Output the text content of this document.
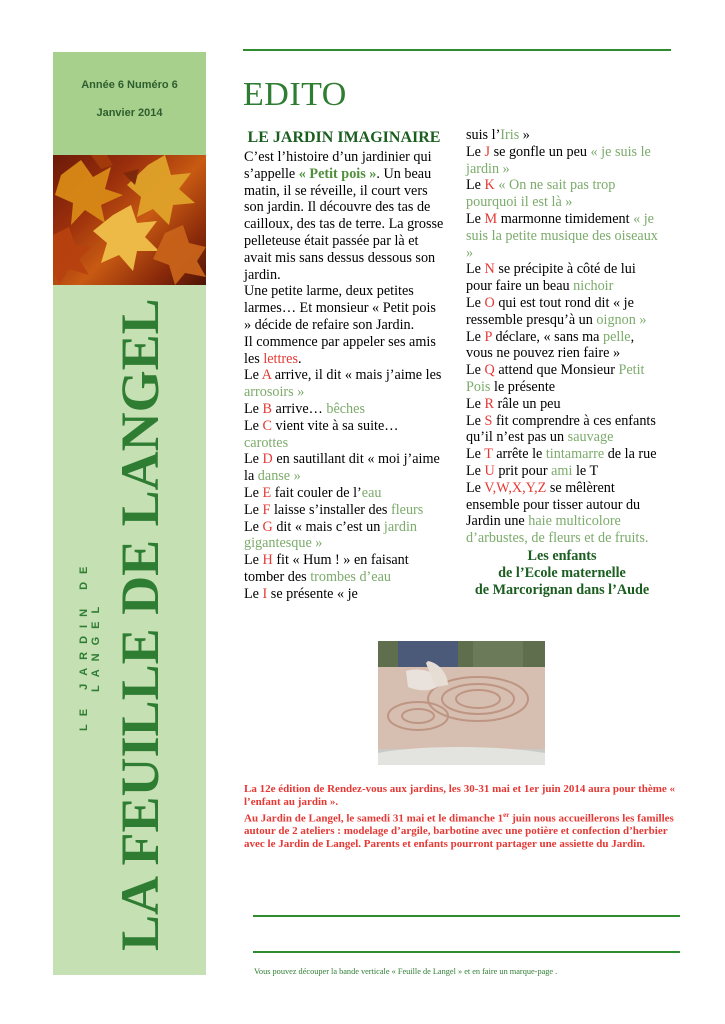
Année 6 Numéro 6
Janvier 2014
LE JARDIN DE LANGEL LA FEUILLE DE LANGEL
EDITO
LE JARDIN IMAGINAIRE

C’est l’histoire d’un jardinier qui s’appelle « Petit pois ». Un beau matin, il se réveille, il court vers son jardin. Il découvre des tas de cailloux, des tas de terre. La grosse pelleteuse était passée par là et avait mis sans dessus dessous son jardin.

Une petite larme, deux petites larmes… Et monsieur « Petit pois » décide de refaire son Jardin.

Il commence par appeler ses amis les lettres.

Le A arrive, il dit « mais j’aime les arrosoirs »

Le B arrive… bêches

Le C vient vite à sa suite… carottes

Le D en sautillant dit « moi j’aime la danse »

Le E fait couler de l’eau

Le F laisse s’installer des fleurs

Le G dit « mais c’est un jardin gigantesque »

Le H fit « Hum ! » en faisant tomber des trombes d’eau

Le I se présente « je

suis l’Iris »

Le J se gonfle un peu « je suis le jardin »

Le K « On ne sait pas trop pourquoi il est là »

Le M marmonne timidement « je suis la petite musique des oiseaux »

Le N se précipite à côté de lui pour faire un beau nichoir

Le O qui est tout rond dit « je ressemble presqu’à un oignon »

Le P déclare, « sans ma pelle, vous ne pouvez rien faire »

Le Q attend que Monsieur Petit Pois le présente

Le R râle un peu

Le S fit comprendre à ces enfants qu’il n’est pas un sauvage

Le T arrête le tintamarre de la rue

Le U prit pour ami le T

Le V,W,X,Y,Z se mêlèrent ensemble pour tisser autour du Jardin une haie multicolore d’arbustes, de fleurs et de fruits.

Les enfants
de l’Ecole maternelle
de Marcorignan dans l’Aude

La 12e édition de Rendez-vous aux jardins, les 30-31 mai et 1er juin 2014 aura pour thème « l’enfant au jardin ».

Au Jardin de Langel, le samedi 31 mai et le dimanche 1er juin nous accueillerons les familles autour de 2 ateliers : modelage d’argile, barbotine avec une potière et confection d’herbier avec le Jardin de Langel. Parents et enfants pourront partager une assiette du Jardin.

Vous pouvez découper la bande verticale « Feuille de Langel » et en faire un marque-page .
